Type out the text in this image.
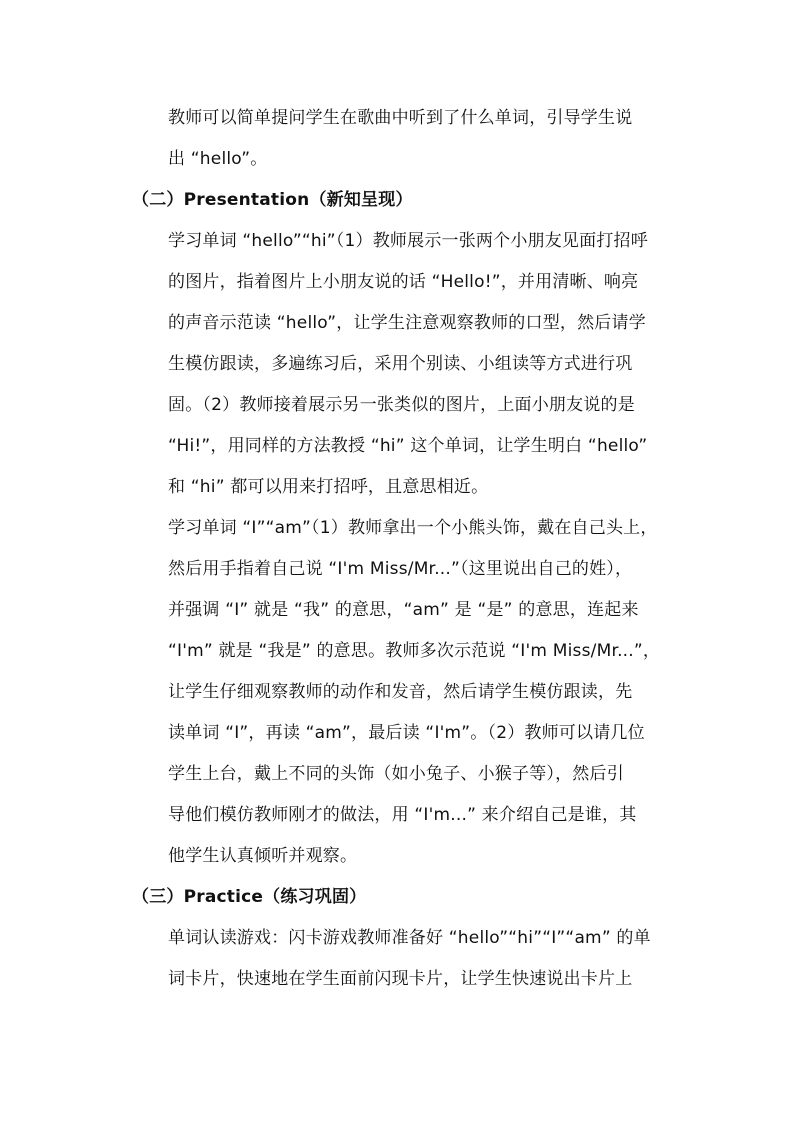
教师可以简单提问学生在歌曲中听到了什么单词，引导学生说
出 “hello”。

（二）Presentation（新知呈现）

学习单词 “hello”“hi”（1）教师展示一张两个小朋友见面打招呼
的图片，指着图片上小朋友说的话 “Hello!”，并用清晰、响亮
的声音示范读 “hello”，让学生注意观察教师的口型，然后请学
生模仿跟读，多遍练习后，采用个别读、小组读等方式进行巩
固。（2）教师接着展示另一张类似的图片，上面小朋友说的是
“Hi!”，用同样的方法教授 “hi” 这个单词，让学生明白 “hello”
和 “hi” 都可以用来打招呼，且意思相近。

学习单词 “I”“am”（1）教师拿出一个小熊头饰，戴在自己头上，
然后用手指着自己说 “I'm Miss/Mr...”（这里说出自己的姓），
并强调 “I” 就是 “我” 的意思，“am” 是 “是” 的意思，连起来
“I'm” 就是 “我是” 的意思。教师多次示范说 “I'm Miss/Mr...”，
让学生仔细观察教师的动作和发音，然后请学生模仿跟读，先
读单词 “I”，再读 “am”，最后读 “I'm”。（2）教师可以请几位
学生上台，戴上不同的头饰（如小兔子、小猴子等），然后引
导他们模仿教师刚才的做法，用 “I'm...” 来介绍自己是谁，其
他学生认真倾听并观察。

（三）Practice（练习巩固）

单词认读游戏：闪卡游戏教师准备好 “hello”“hi”“I”“am” 的单
词卡片，快速地在学生面前闪现卡片，让学生快速说出卡片上
